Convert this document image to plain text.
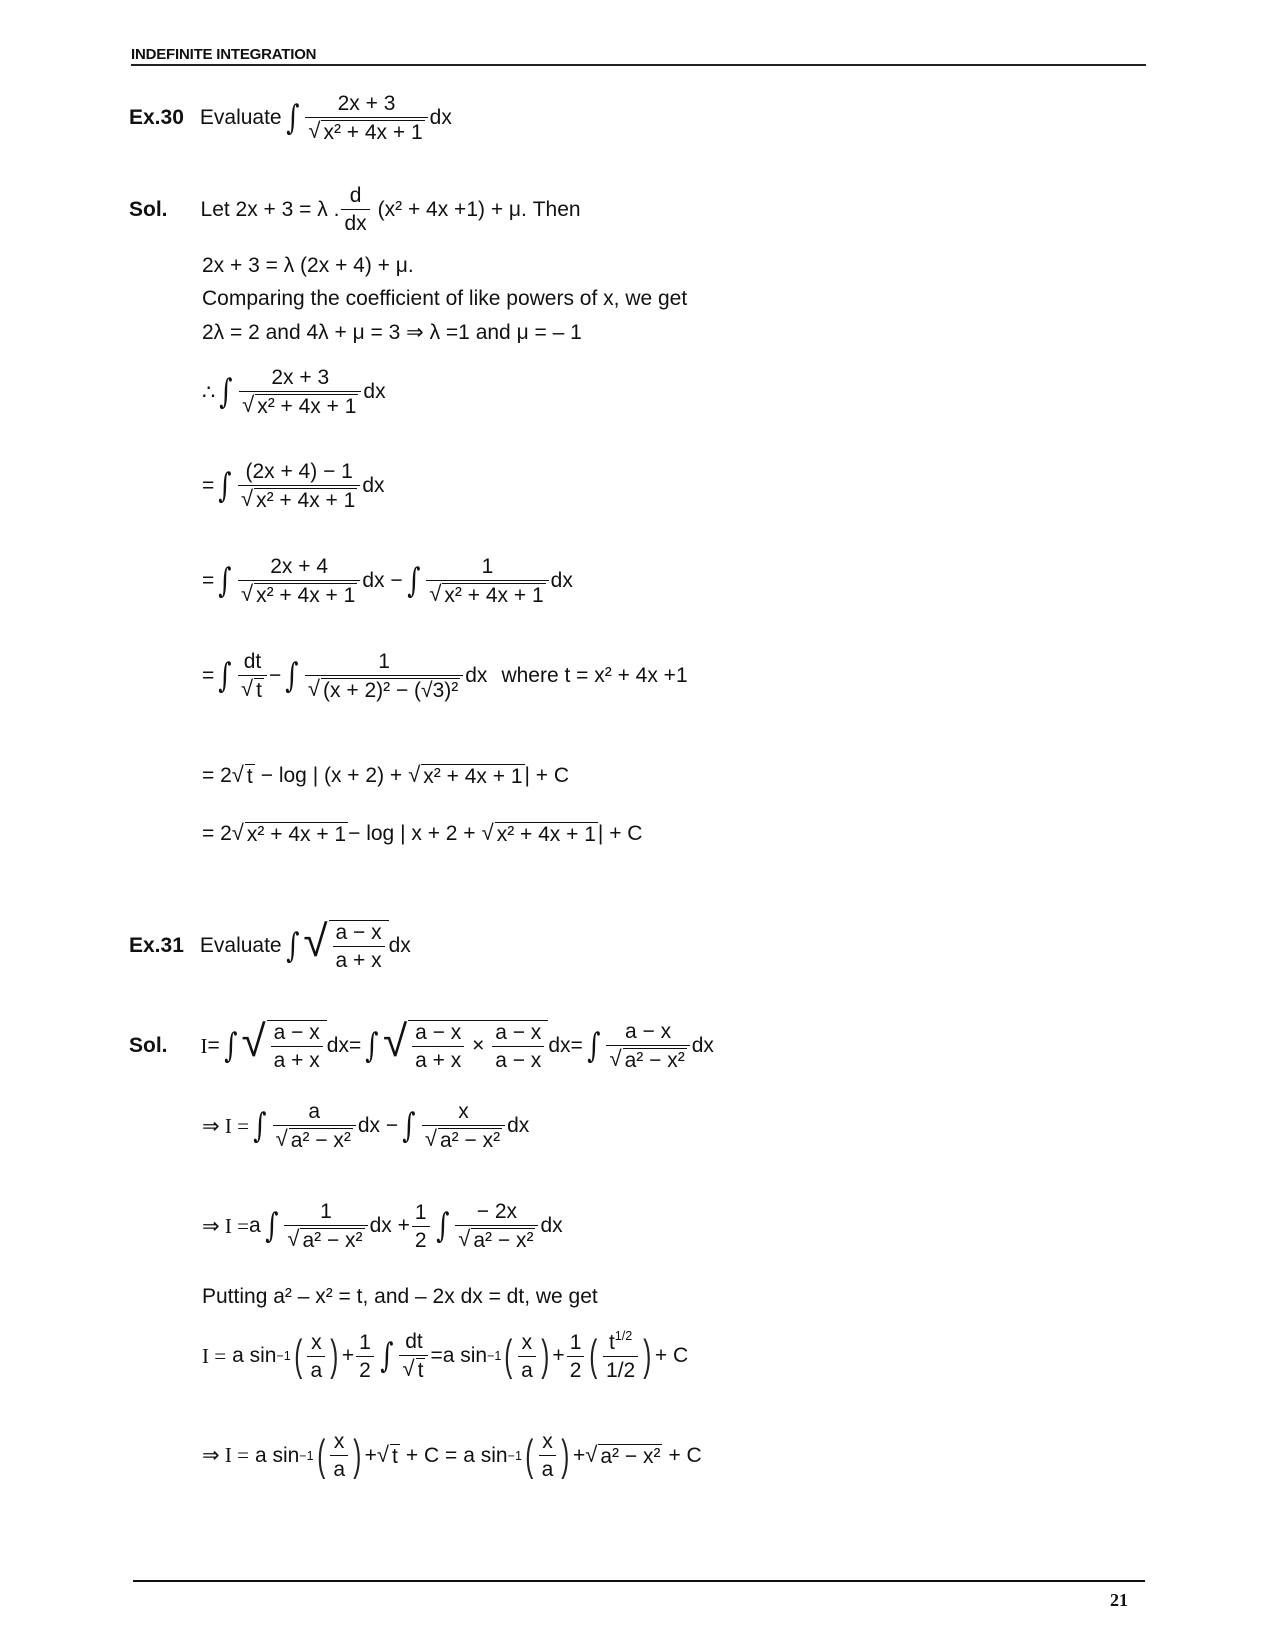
INDEFINITE INTEGRATION
Ex.30 Evaluate ∫ $\frac{2x + 3}{\text{√ x² + 4x + 1}}$ dx
Sol. Let 2x + 3 = λ . $\frac{d}{dx} (x^2 + 4x +1) + \mu$. Then
2x + 3 = λ (2x + 4) + μ.
Comparing the coefficient of like powers of x, we get
2λ = 2 and 4λ + μ = 3 ⇒ λ =1 and μ = – 1
∴ ∫ $\frac{2x + 3}{\text{√ x² + 4x + 1}}$ dx
= ∫ $\frac{(2x + 4) - 1}{\text{√ x² + 4x + 1}}$ dx
= ∫ $\frac{2x + 4}{\text{√ x² + 4x + 1}}$ dx − ∫ $\frac{1}{\text{√ x² + 4x + 1}}$ dx
= ∫ $\frac{dt}{√ t}$ − ∫ $\frac{1}{\text{√ (x + 2)² − (√3)²}}$ dx where t = x² + 4x +1
= 2 √ t − log | (x + 2) + √ x² + 4x + 1 | + C
= 2 √ x² + 4x + 1 − log | x + 2 + √ x² + 4x + 1 | + C
Ex.31 Evaluate ∫ √ $\frac{a - x}{a + x}$ dx
Sol. I = ∫ √ $\frac{a - x}{a + x}$ dx = ∫ √ $\frac{a - x}{a + x} \times \frac{a - x}{a - x}$ dx = ∫ $\frac{a - x}{\text{√ a² − x²}}$ dx
⇒ I = ∫ $\frac{a}{\text{√ a² − x²}}$ dx − ∫ $\frac{x}{\text{√ a² − x²}}$ dx
⇒ I = a ∫ $\frac{1}{\text{√ a² − x²}}$ dx + $\frac{1}{2}$ ∫ $\frac{- 2x}{\text{√ a² − x²}}$ dx
Putting a² – x² = t, and – 2x dx = dt, we get
I = a sin −1 ( $\frac{x}{a}$ ) + $\frac{1}{2}$ ∫ $\frac{dt}{√ t} = a$ sin −1 ( $\frac{x}{a}$ ) + $\frac{1}{2}$ ( $\frac{t^{1/2}}{1/2}$ ) + C
⇒ I = a sin −1 ( $\frac{x}{a}$ ) + √ t + C = a sin −1 ( $\frac{x}{a}$ ) + √ a² − x² + C
21
